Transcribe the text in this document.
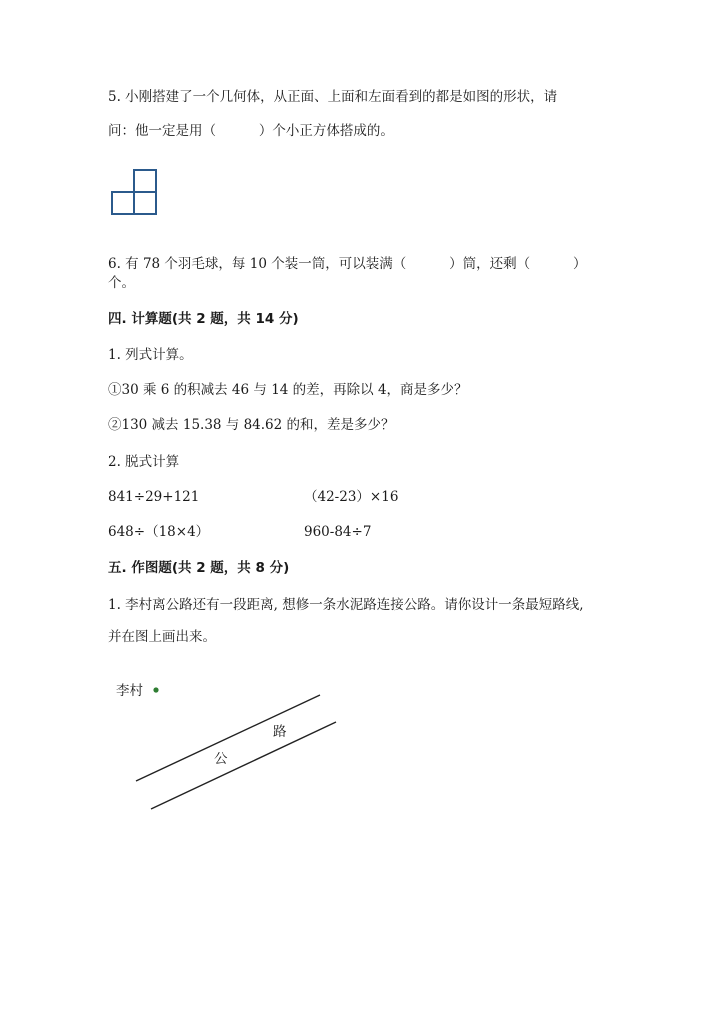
5. 小刚搭建了一个几何体，从正面、上面和左面看到的都是如图的形状，请
问：他一定是用（          ）个小正方体搭成的。
6. 有 78 个羽毛球，每 10 个装一筒，可以装满（          ）筒，还剩（          ）
个。
四. 计算题(共 2 题，共 14 分)
1. 列式计算。
①30 乘 6 的积减去 46 与 14 的差，再除以 4，商是多少？
②130 减去 15.38 与 84.62 的和，差是多少？
2. 脱式计算
841÷29+121	（42-23）×16
648÷（18×4）	960-84÷7
五. 作图题(共 2 题，共 8 分)
1. 李村离公路还有一段距离, 想修一条水泥路连接公路。请你设计一条最短路线,
并在图上画出来。
李村
公
路
